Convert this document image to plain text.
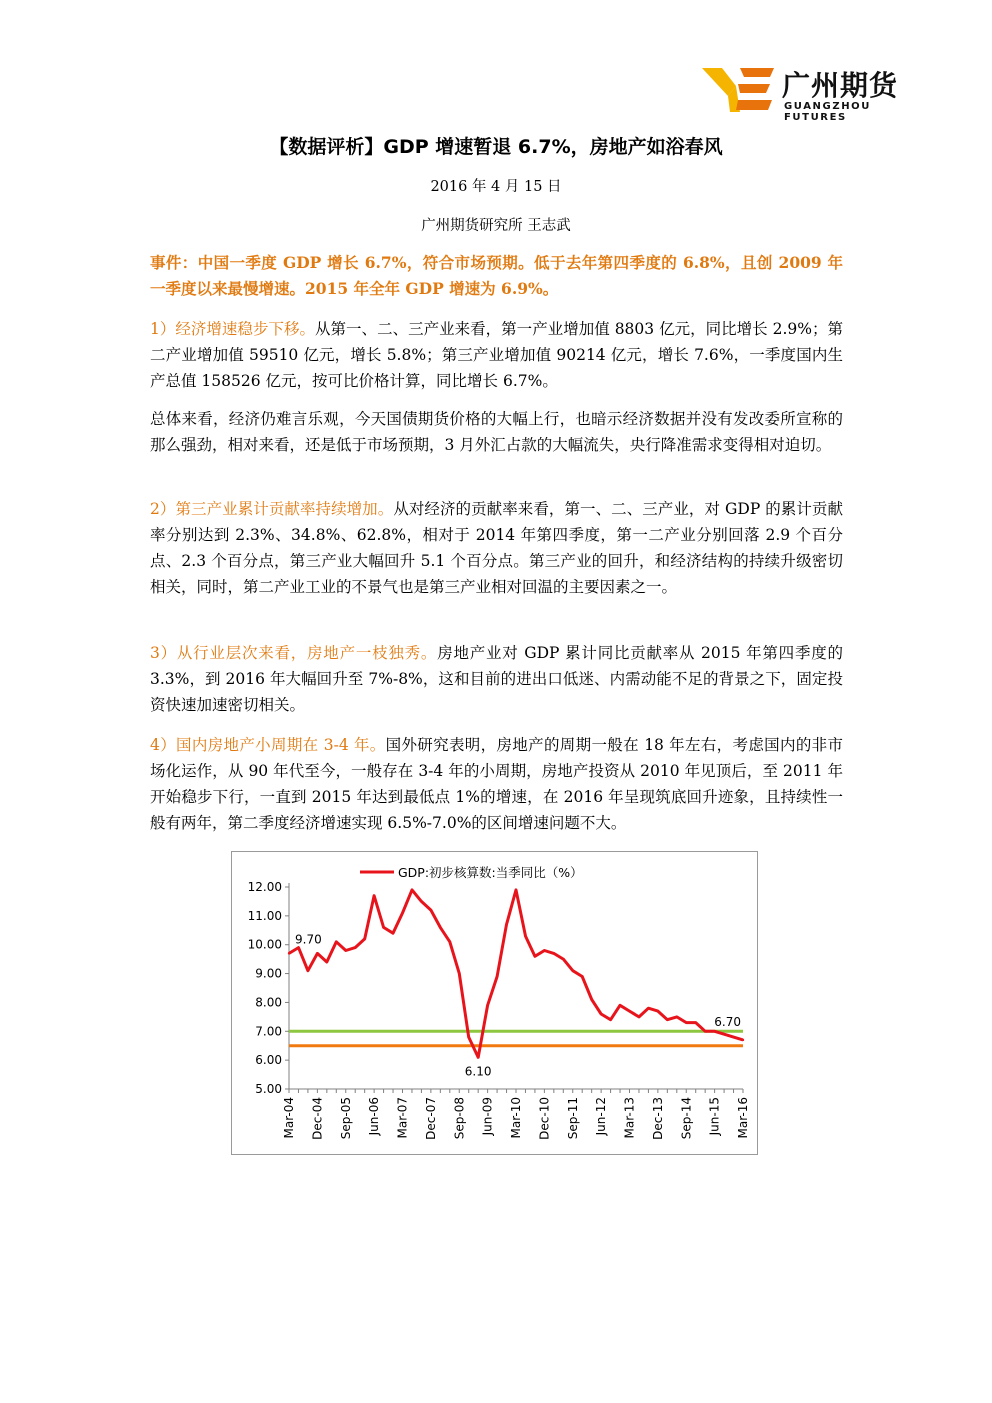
广州期货
GUANGZHOU FUTURES
【数据评析】GDP 增速暂退 6.7%，房地产如浴春风
2016 年 4 月 15 日
广州期货研究所 王志武

事件：中国一季度 GDP 增长 6.7%，符合市场预期。低于去年第四季度的 6.8%，且创 2009 年一季度以来最慢增速。2015 年全年 GDP 增速为 6.9%。

1）经济增速稳步下移。从第一、二、三产业来看，第一产业增加值 8803 亿元，同比增长 2.9%；第二产业增加值 59510 亿元，增长 5.8%；第三产业增加值 90214 亿元，增长 7.6%，一季度国内生产总值 158526 亿元，按可比价格计算，同比增长 6.7%。

总体来看，经济仍难言乐观，今天国债期货价格的大幅上行，也暗示经济数据并没有发改委所宣称的那么强劲，相对来看，还是低于市场预期，3 月外汇占款的大幅流失，央行降准需求变得相对迫切。

2）第三产业累计贡献率持续增加。从对经济的贡献率来看，第一、二、三产业，对 GDP 的累计贡献率分别达到 2.3%、34.8%、62.8%，相对于 2014 年第四季度，第一二产业分别回落 2.9 个百分点、2.3 个百分点，第三产业大幅回升 5.1 个百分点。第三产业的回升，和经济结构的持续升级密切相关，同时，第二产业工业的不景气也是第三产业相对回温的主要因素之一。

3）从行业层次来看，房地产一枝独秀。房地产业对 GDP 累计同比贡献率从 2015 年第四季度的 3.3%，到 2016 年大幅回升至 7%-8%，这和目前的进出口低迷、内需动能不足的背景之下，固定投资快速加速密切相关。

4）国内房地产小周期在 3-4 年。国外研究表明，房地产的周期一般在 18 年左右，考虑国内的非市场化运作，从 90 年代至今，一般存在 3-4 年的小周期，房地产投资从 2010 年见顶后，至 2011 年开始稳步下行，一直到 2015 年达到最低点 1%的增速，在 2016 年呈现筑底回升迹象，且持续性一般有两年，第二季度经济增速实现 6.5%-7.0%的区间增速问题不大。

5.00
6.00
7.00
8.00
9.00
10.00
11.00
12.00
Mar-04 Dec-04 Sep-05 Jun-06 Mar-07 Dec-07 Sep-08 Jun-09 Mar-10 Dec-10 Sep-11 Jun-12 Mar-13 Dec-13 Sep-14 Jun-15 Mar-16
9.70
6.10
6.70
GDP:初步核算数:当季同比（%）
